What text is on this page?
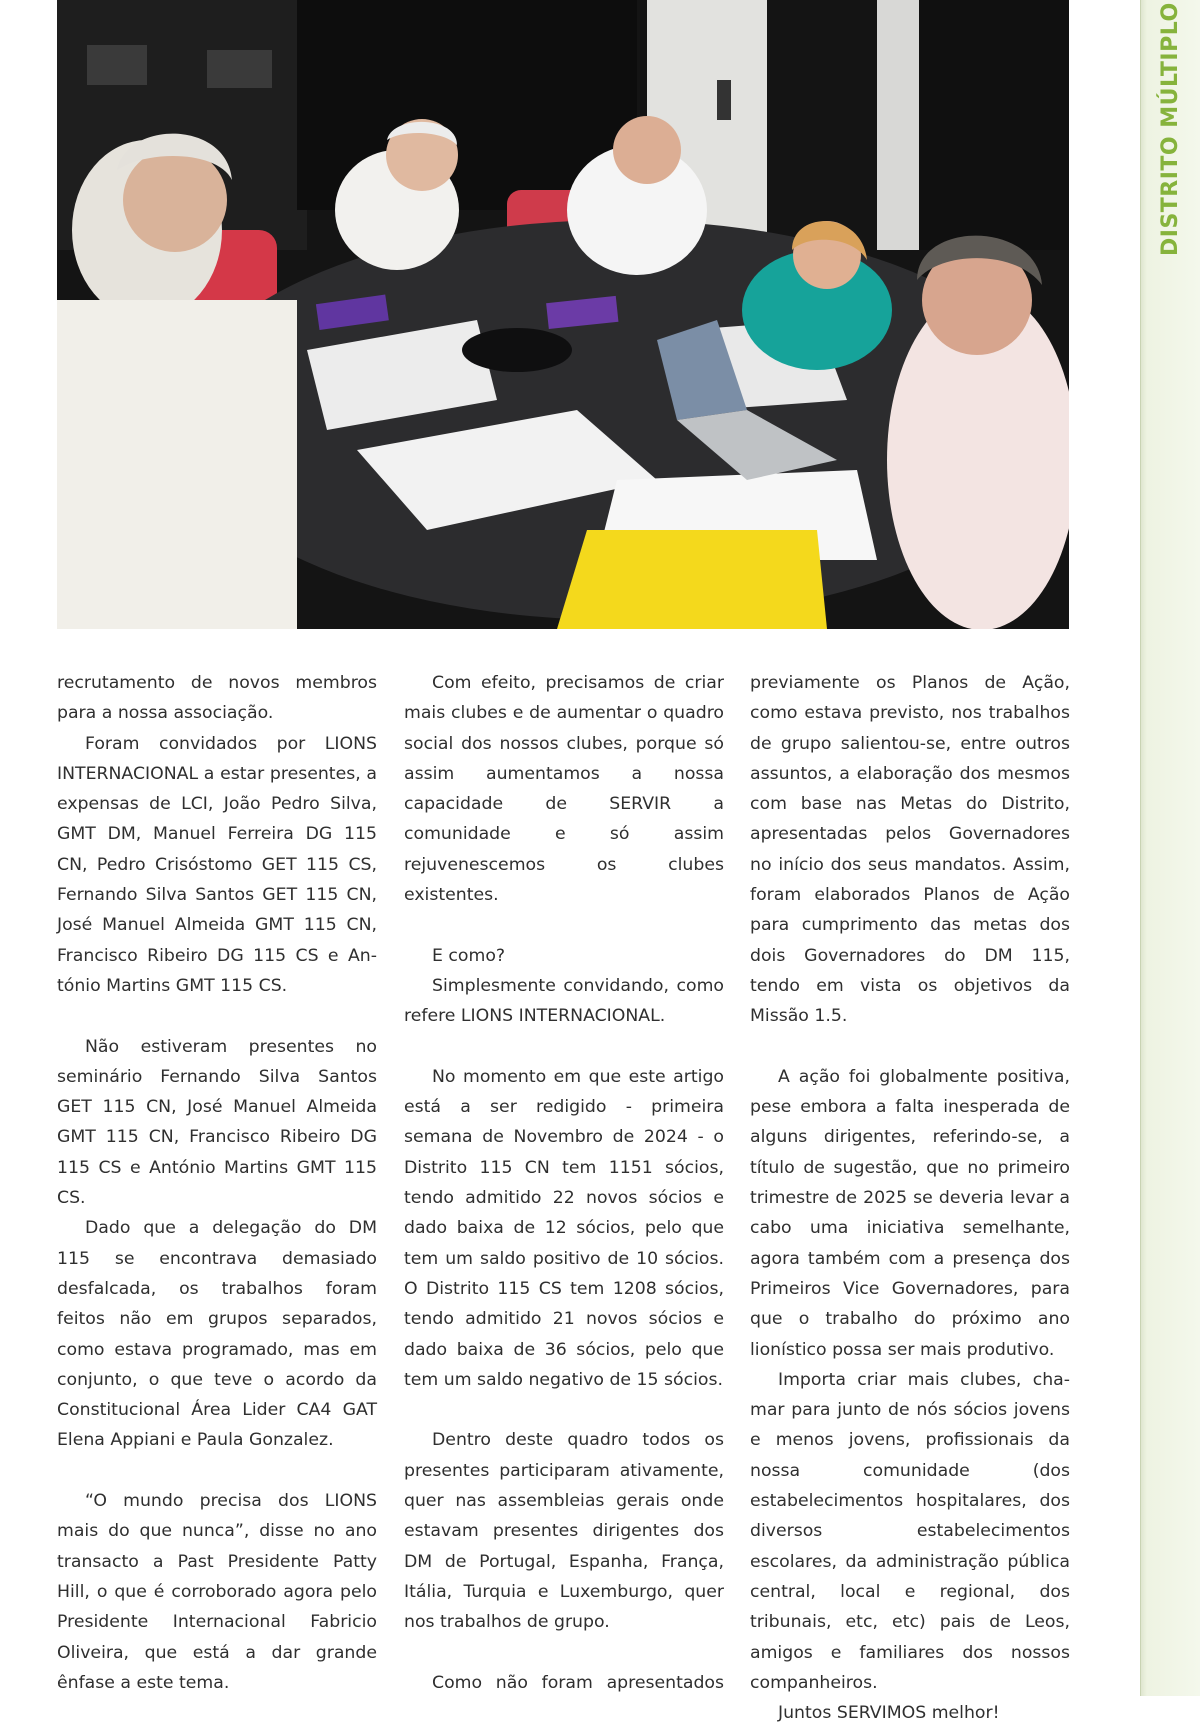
DISTRITO MÚLTIPLO

recrutamento de novos membros para a nossa associação.

Foram convidados por LIONS INTERNACIONAL a estar presentes, a expensas de LCI, João Pedro Silva, GMT DM, Manuel Ferreira DG 115 CN, Pedro Crisóstomo GET 115 CS, Fernando Silva Santos GET 115 CN, José Manuel Almeida GMT 115 CN, Francisco Ribeiro DG 115 CS e António Martins GMT 115 CS.

Não estiveram presentes no seminário Fernando Silva Santos GET 115 CN, José Manuel Almeida GMT 115 CN, Francisco Ribeiro DG 115 CS e António Martins GMT 115 CS.

Dado que a delegação do DM 115 se encontrava demasiado desfalcada, os trabalhos foram feitos não em grupos separados, como estava programado, mas em conjunto, o que teve o acordo da Constitucional Área Lider CA4 GAT Elena Appiani e Paula Gonzalez.

“O mundo precisa dos LIONS mais do que nunca”, disse no ano transacto a Past Presidente Patty Hill, o que é corroborado agora pelo Presidente Internacional Fabricio Oliveira, que está a dar grande ênfase a este tema.

Com efeito, precisamos de criar mais clubes e de aumentar o quadro social dos nossos clubes, porque só assim aumentamos a nossa capacidade de SERVIR a comunidade e só assim rejuvenescemos os clubes existentes.

E como?

Simplesmente convidando, como refere LIONS INTERNACIONAL.

No momento em que este artigo está a ser redigido - primeira semana de Novembro de 2024 - o Distrito 115 CN tem 1151 sócios, tendo admitido 22 novos sócios e dado baixa de 12 sócios, pelo que tem um saldo positivo de 10 sócios. O Distrito 115 CS tem 1208 sócios, tendo admitido 21 novos sócios e dado baixa de 36 sócios, pelo que tem um saldo negativo de 15 sócios.

Dentro deste quadro todos os presentes participaram ativamente, quer nas assembleias gerais onde estavam presentes dirigentes dos DM de Portugal, Espanha, França, Itália, Turquia e Luxemburgo, quer nos trabalhos de grupo.

Como não foram apresentados

previamente os Planos de Ação, como estava previsto, nos trabalhos de grupo salientou-se, entre outros assuntos, a elaboração dos mesmos com base nas Metas do Distrito, apresentadas pelos Governadores no início dos seus mandatos. Assim, foram elaborados Planos de Ação para cumprimento das metas dos dois Governadores do DM 115, tendo em vista os objetivos da Missão 1.5.

A ação foi globalmente positiva, pese embora a falta inesperada de alguns dirigentes, referindo-se, a título de sugestão, que no primeiro trimestre de 2025 se deveria levar a cabo uma iniciativa semelhante, agora também com a presença dos Primeiros Vice Governadores, para que o trabalho do próximo ano lionístico possa ser mais produtivo.

Importa criar mais clubes, chamar para junto de nós sócios jovens e menos jovens, profissionais da nossa comunidade (dos estabelecimentos hospitalares, dos diversos estabelecimentos escolares, da administração pública central, local e regional, dos tribunais, etc, etc) pais de Leos, amigos e familiares dos nossos companheiros.

Juntos SERVIMOS melhor!
